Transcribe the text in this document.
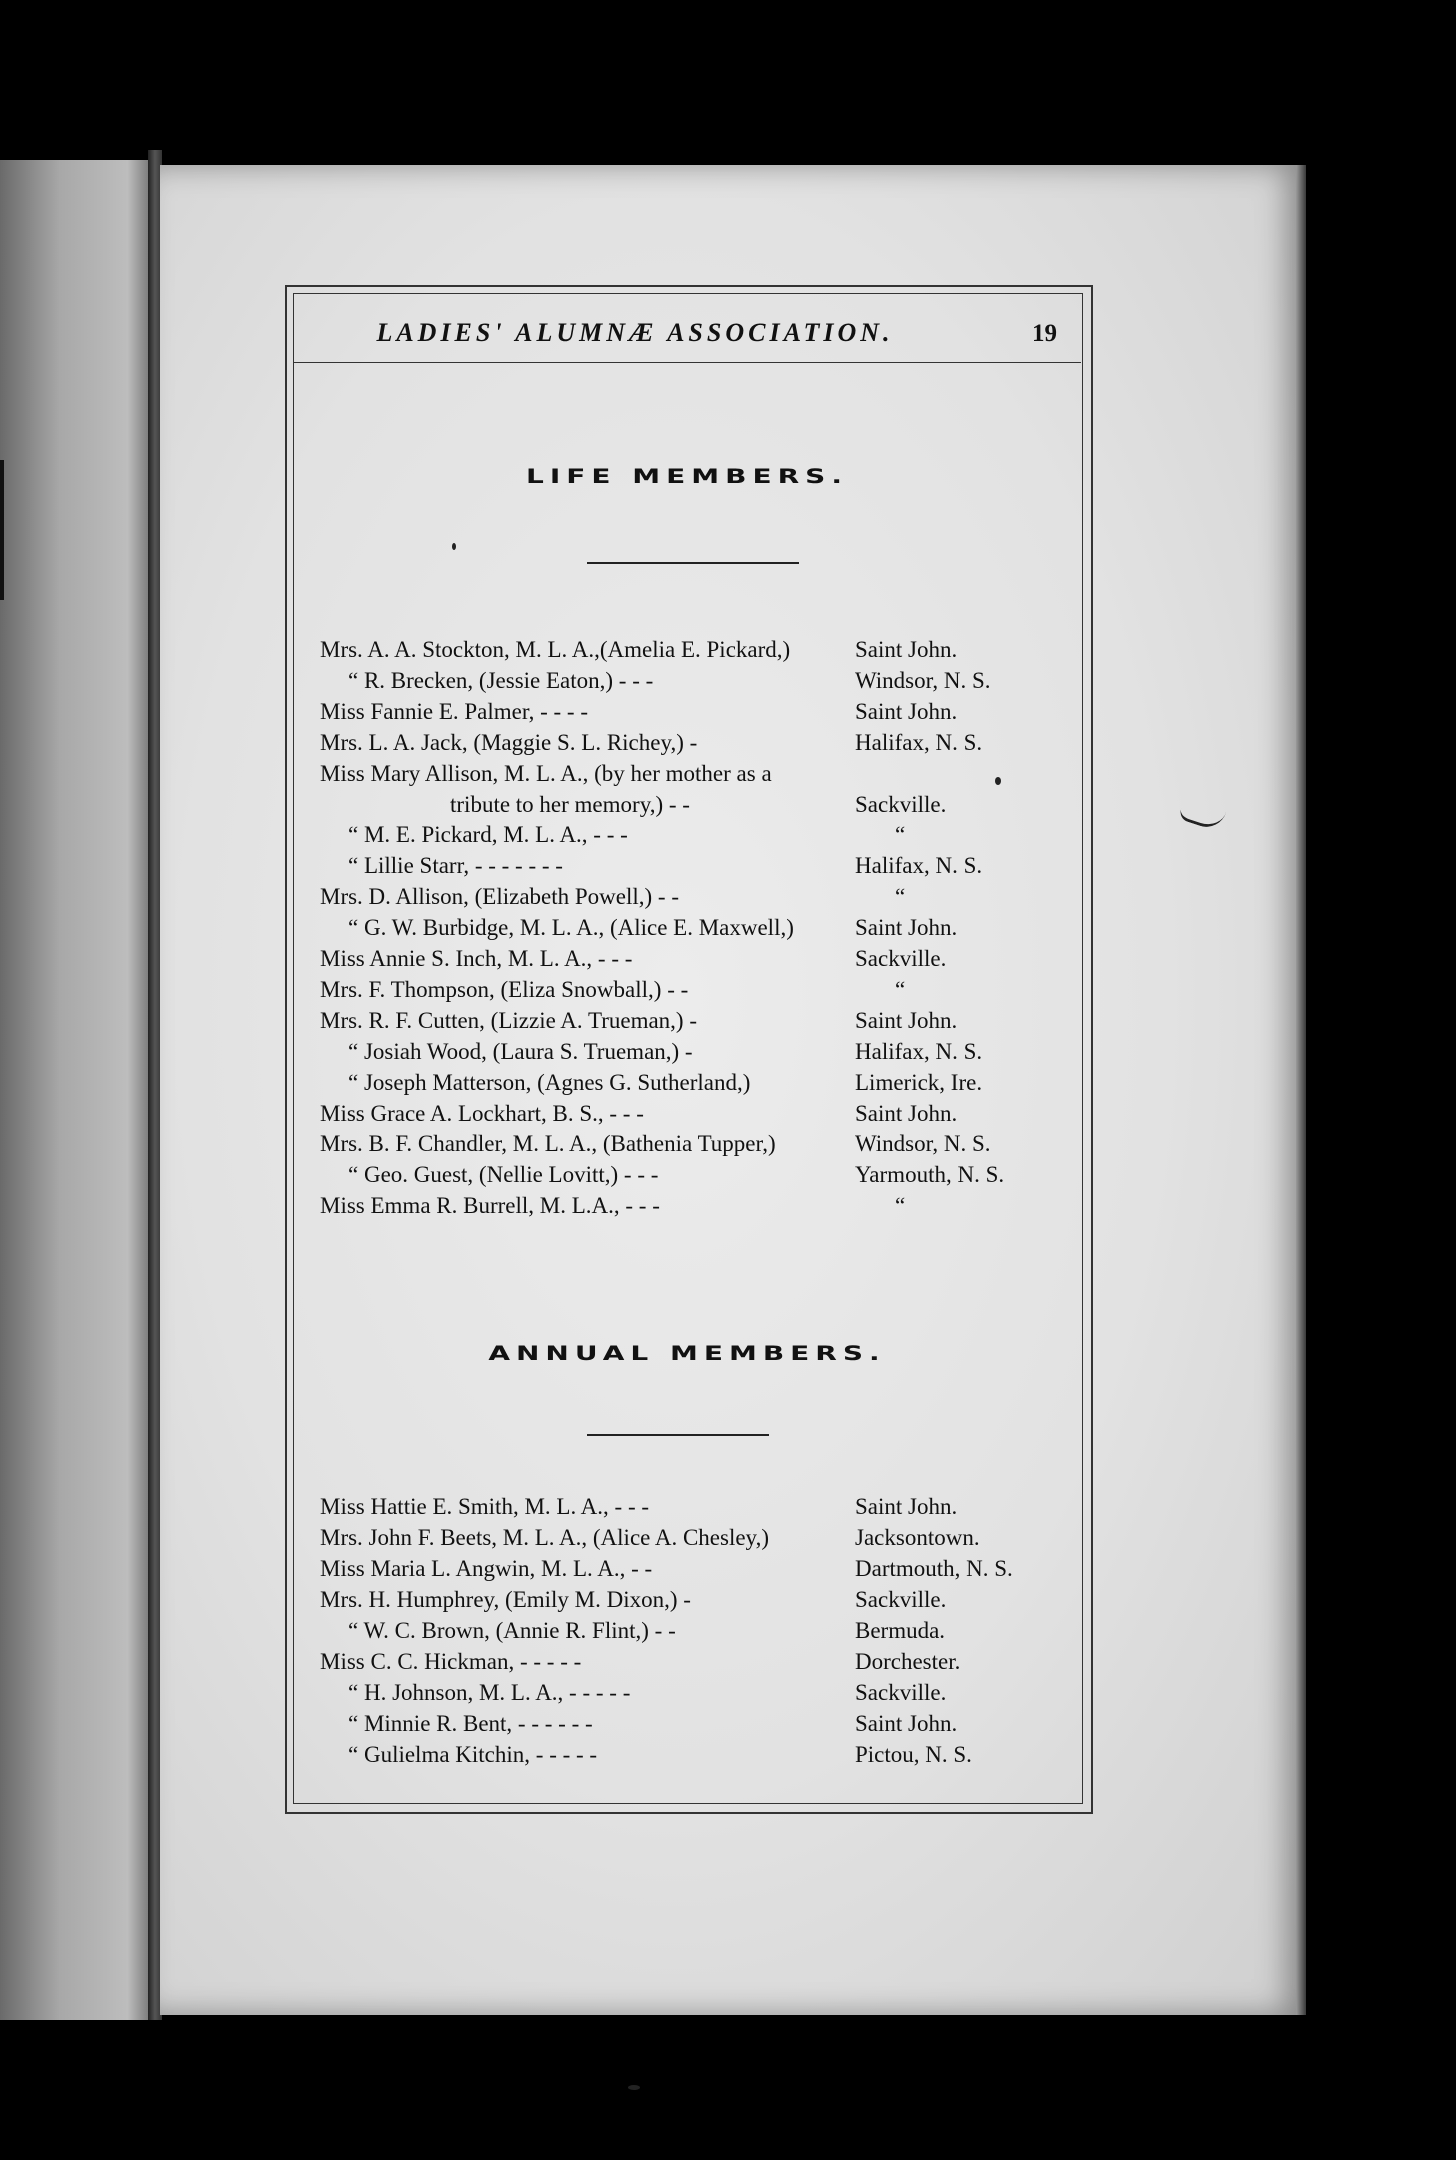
LADIES' ALUMNÆ ASSOCIATION.	19
LIFE MEMBERS.
Mrs. A. A. Stockton, M. L. A.,(Amelia E. Pickard,)	Saint John.
“ R. Brecken, (Jessie Eaton,) - - -	Windsor, N. S.
Miss Fannie E. Palmer, - - - -	Saint John.
Mrs. L. A. Jack, (Maggie S. L. Richey,) -	Halifax, N. S.
Miss Mary Allison, M. L. A., (by her mother as a
tribute to her memory,) - -	Sackville.
“ M. E. Pickard, M. L. A., - - -	“
“ Lillie Starr, - - - - - - -	Halifax, N. S.
Mrs. D. Allison, (Elizabeth Powell,) - -	“
“ G. W. Burbidge, M. L. A., (Alice E. Maxwell,)	Saint John.
Miss Annie S. Inch, M. L. A., - - -	Sackville.
Mrs. F. Thompson, (Eliza Snowball,) - -	“
Mrs. R. F. Cutten, (Lizzie A. Trueman,) -	Saint John.
“ Josiah Wood, (Laura S. Trueman,) -	Halifax, N. S.
“ Joseph Matterson, (Agnes G. Sutherland,)	Limerick, Ire.
Miss Grace A. Lockhart, B. S., - - -	Saint John.
Mrs. B. F. Chandler, M. L. A., (Bathenia Tupper,)	Windsor, N. S.
“ Geo. Guest, (Nellie Lovitt,) - - -	Yarmouth, N. S.
Miss Emma R. Burrell, M. L.A., - - -	“
ANNUAL MEMBERS.
Miss Hattie E. Smith, M. L. A., - - -	Saint John.
Mrs. John F. Beets, M. L. A., (Alice A. Chesley,)	Jacksontown.
Miss Maria L. Angwin, M. L. A., - -	Dartmouth, N. S.
Mrs. H. Humphrey, (Emily M. Dixon,) -	Sackville.
“ W. C. Brown, (Annie R. Flint,) - -	Bermuda.
Miss C. C. Hickman, - - - - -	Dorchester.
“ H. Johnson, M. L. A., - - - - -	Sackville.
“ Minnie R. Bent, - - - - - -	Saint John.
“ Gulielma Kitchin, - - - - -	Pictou, N. S.
